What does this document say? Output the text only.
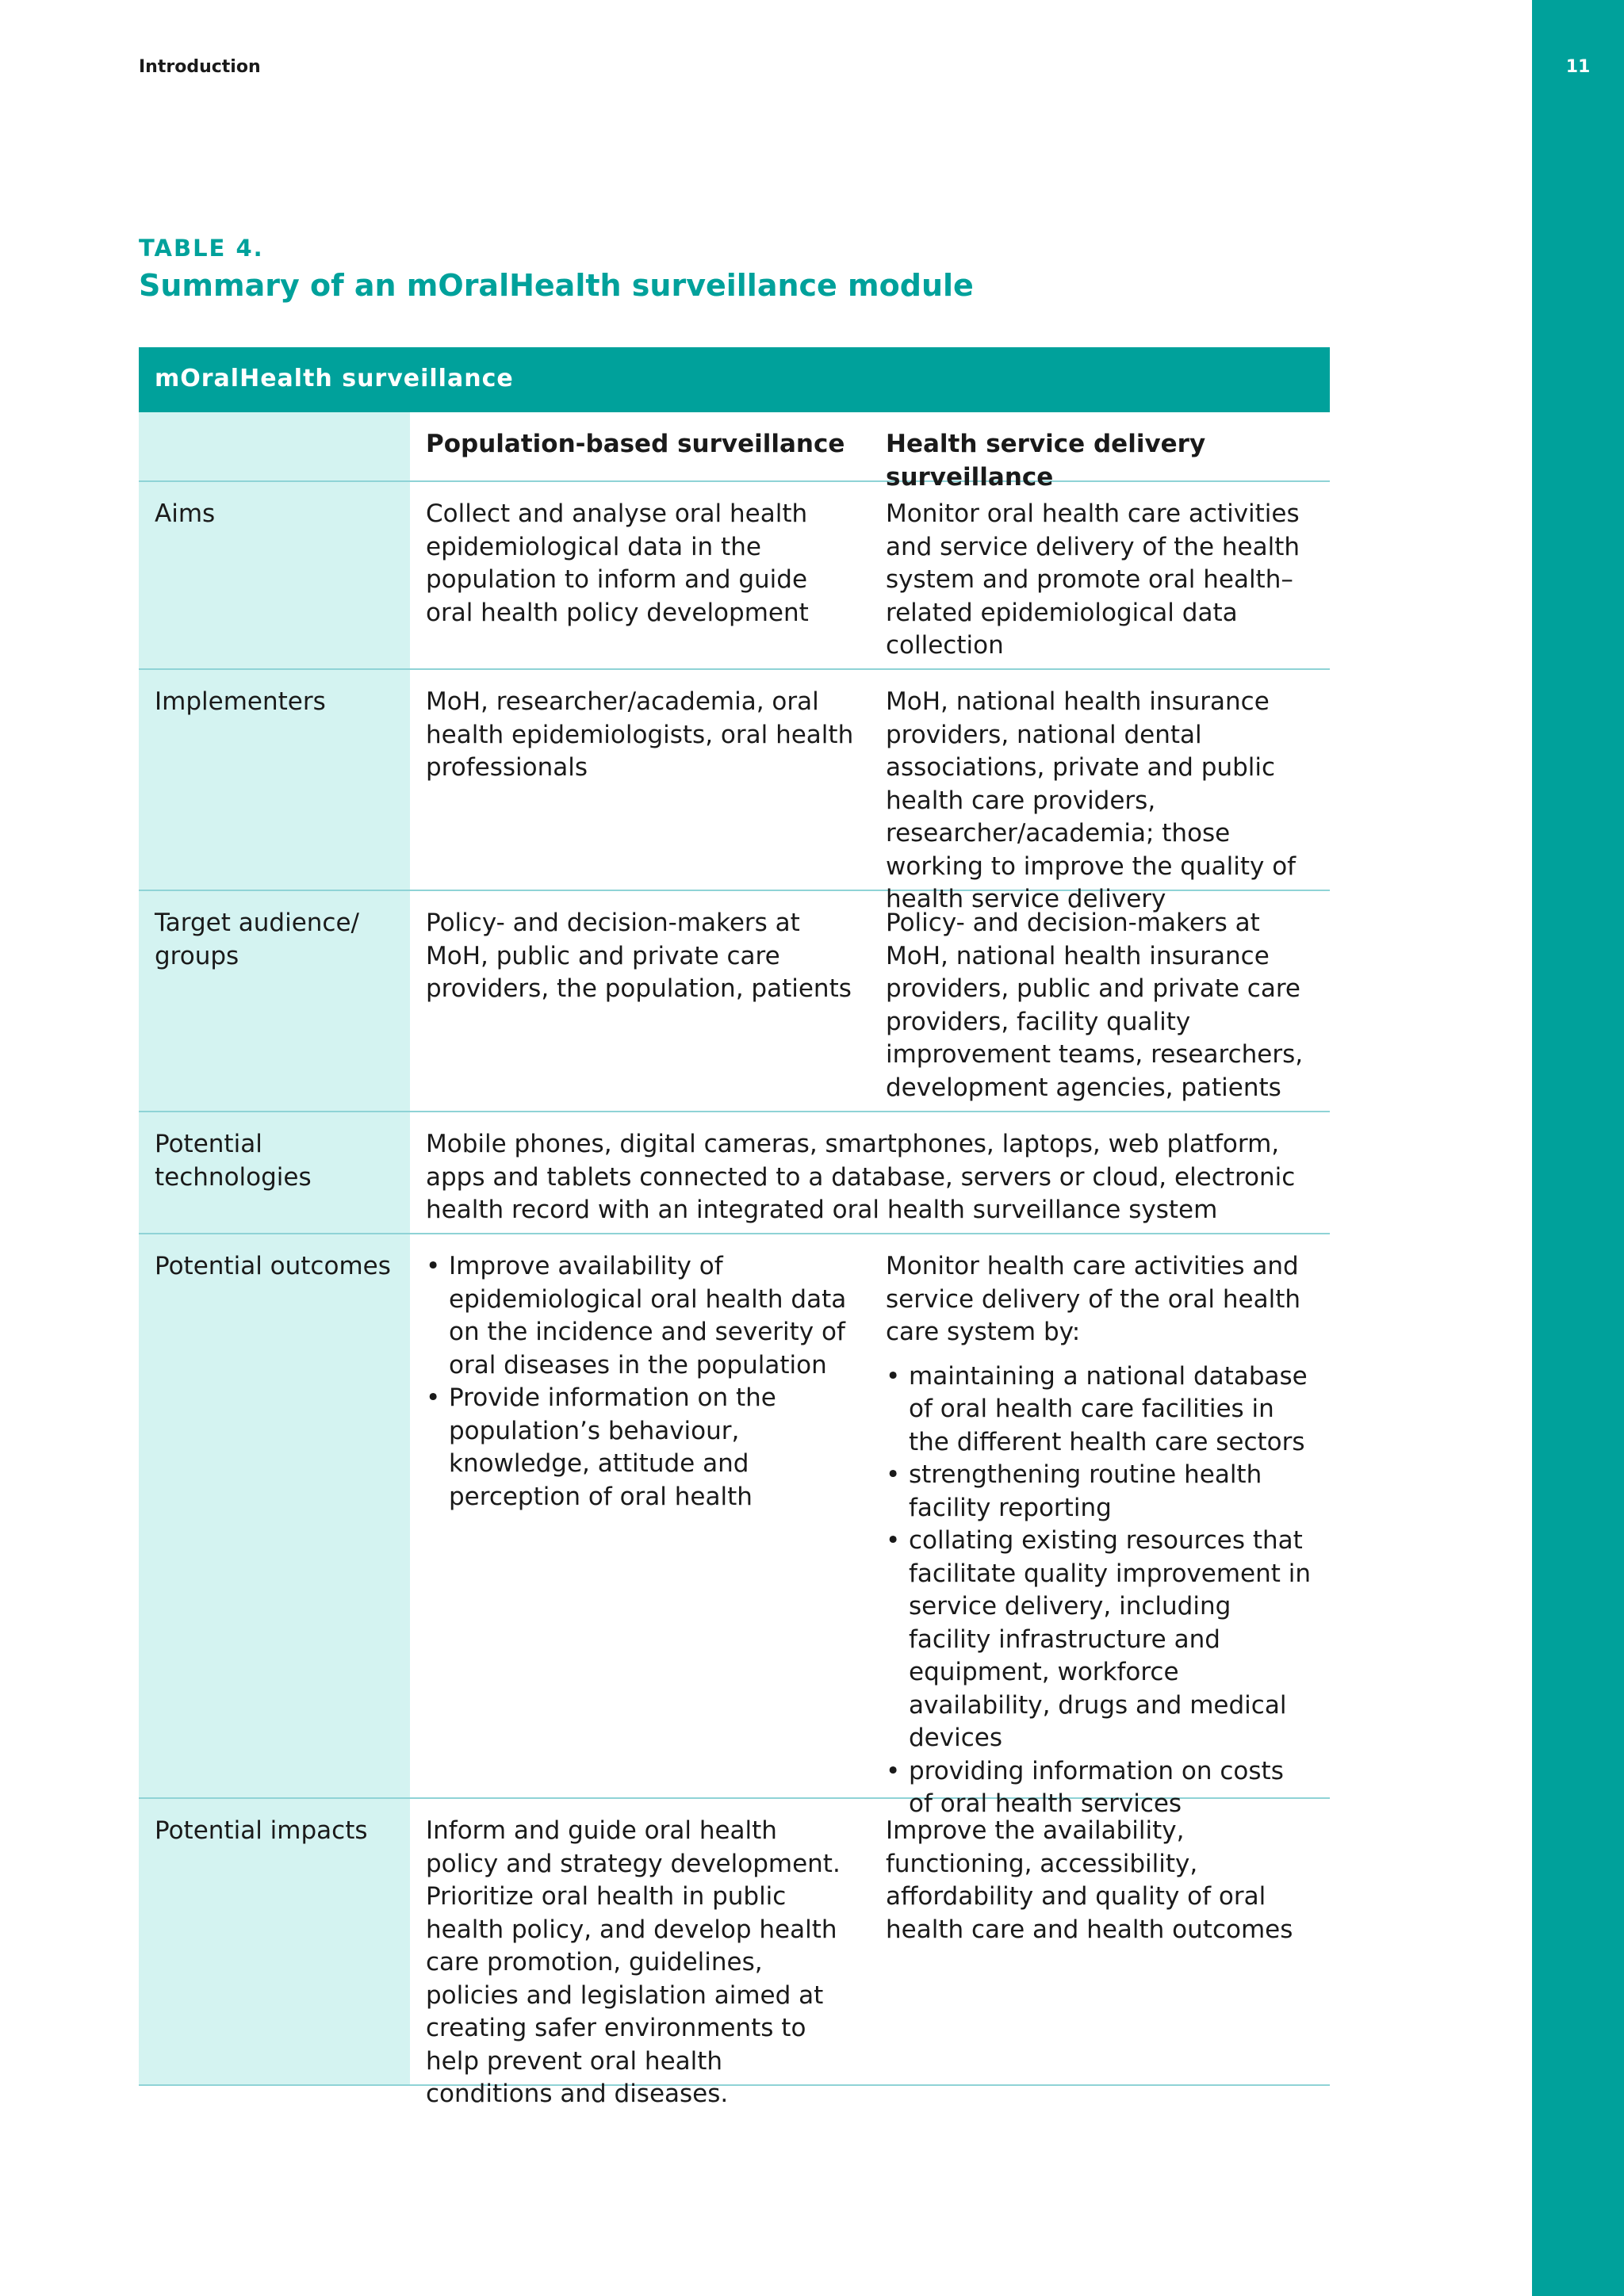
11
Introduction
TABLE 4.
Summary of an mOralHealth surveillance module
mOralHealth surveillance
Population-based surveillance	Health service delivery surveillance
Aims	Collect and analyse oral health epidemiological data in the population to inform and guide oral health policy development
Monitor oral health care activities and service delivery of the health system and promote oral health–related epidemiological data collection
Implementers	MoH, researcher/academia, oral health epidemiologists, oral health professionals
MoH, national health insurance providers, national dental associations, private and public health care providers, researcher/academia; those working to improve the quality of health service delivery
Target audience/ groups
Policy- and decision-makers at MoH, public and private care providers, the population, patients
Policy- and decision-makers at MoH, national health insurance providers, public and private care providers, facility quality improvement teams, researchers, development agencies, patients
Potential technologies
Mobile phones, digital cameras, smartphones, laptops, web platform, apps and tablets connected to a database, servers or cloud, electronic health record with an integrated oral health surveillance system
Potential outcomes
•	Improve availability of epidemiological oral health data on the incidence and severity of oral diseases in the population
• Provide information on the population’s behaviour, knowledge, attitude and perception of oral health
Monitor health care activities and service delivery of the oral health care system by:
• maintaining a national database of oral health care facilities in the different health care sectors
• strengthening routine health facility reporting
• collating existing resources that facilitate quality improvement in service delivery, including facility infrastructure and equipment, workforce availability, drugs and medical devices
• providing information on costs of oral health services
Potential impacts	Inform and guide oral health policy and strategy development. Prioritize oral health in public health policy, and develop health care promotion, guidelines, policies and legislation aimed at creating safer environments to help prevent oral health conditions and diseases.
Improve the availability, functioning, accessibility, affordability and quality of oral health care and health outcomes
